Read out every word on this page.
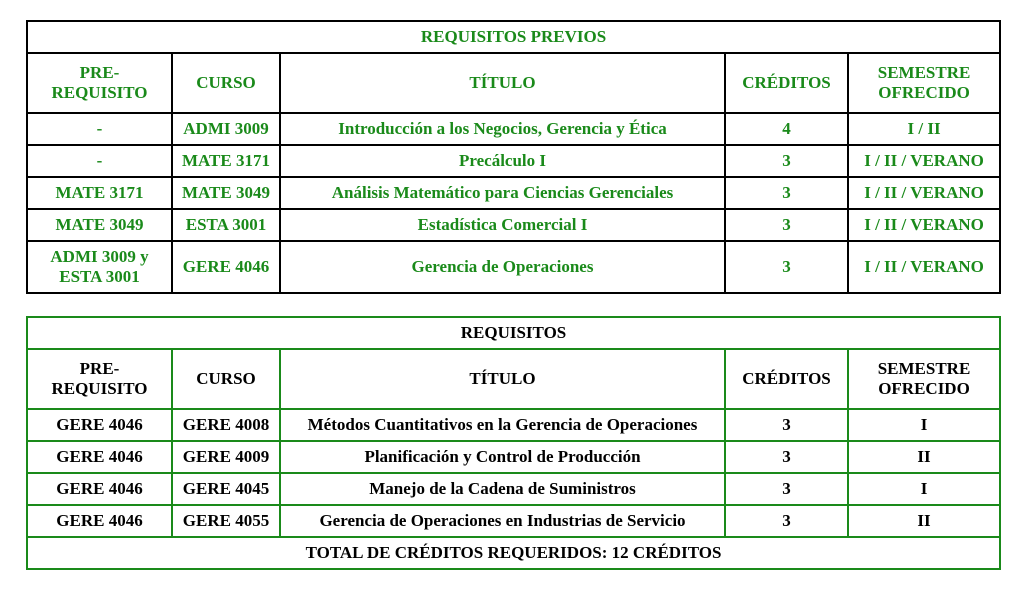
REQUISITOS PREVIOS				
PRE-
REQUISITO	CURSO	TÍTULO	CRÉDITOS	SEMESTRE
OFRECIDO
-	ADMI 3009	Introducción a los Negocios, Gerencia y Ética	4	I / II
-	MATE 3171	Precálculo I	3	I / II / VERANO
MATE 3171	MATE 3049	Análisis Matemático para Ciencias Gerenciales	3	I / II / VERANO
MATE 3049	ESTA 3001	Estadística Comercial I	3	I / II / VERANO
ADMI 3009 y
ESTA 3001	GERE 4046	Gerencia de Operaciones	3	I / II / VERANO
REQUISITOS				
PRE-
REQUISITO	CURSO	TÍTULO	CRÉDITOS	SEMESTRE
OFRECIDO
GERE 4046	GERE 4008	Métodos Cuantitativos en la Gerencia de Operaciones	3	I
GERE 4046	GERE 4009	Planificación y Control de Producción	3	II
GERE 4046	GERE 4045	Manejo de la Cadena de Suministros	3	I
GERE 4046	GERE 4055	Gerencia de Operaciones en Industrias de Servicio	3	II
TOTAL DE CRÉDITOS REQUERIDOS: 12 CRÉDITOS				
